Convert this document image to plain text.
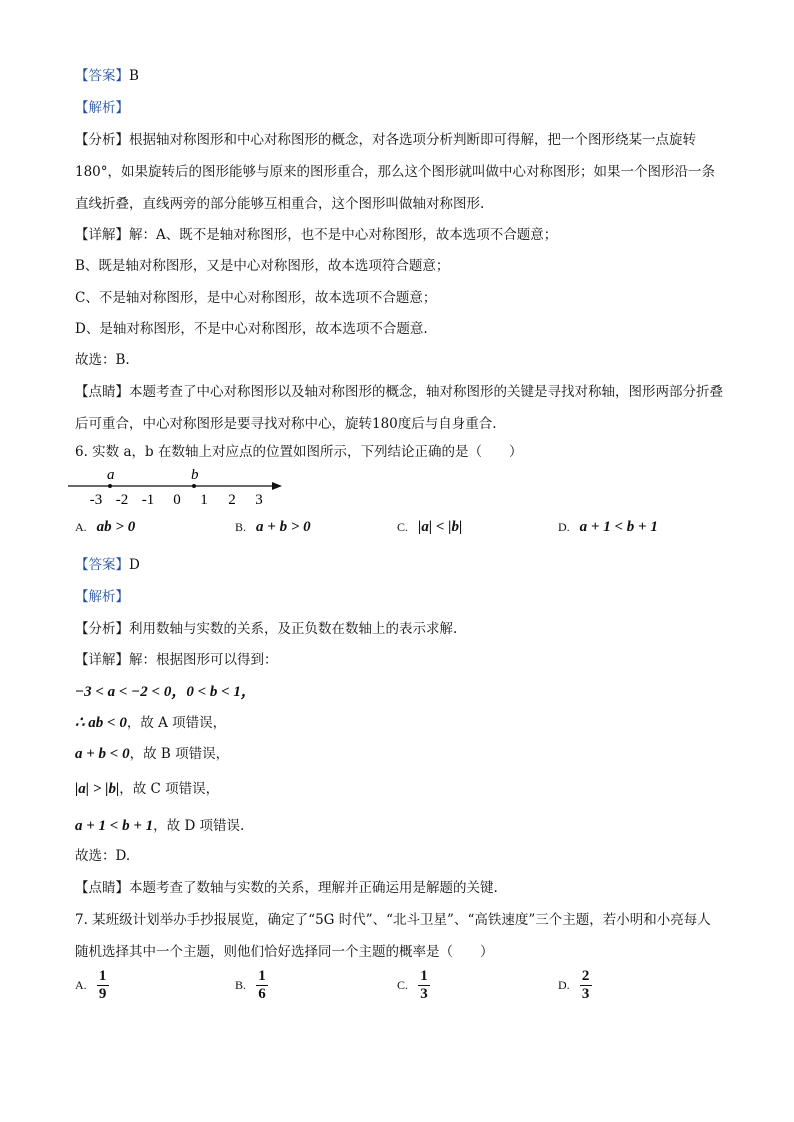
【答案】B
【解析】
【分析】根据轴对称图形和中心对称图形的概念，对各选项分析判断即可得解，把一个图形绕某一点旋转180°，如果旋转后的图形能够与原来的图形重合，那么这个图形就叫做中心对称图形；如果一个图形沿一条直线折叠，直线两旁的部分能够互相重合，这个图形叫做轴对称图形.
【详解】解：A、既不是轴对称图形，也不是中心对称图形，故本选项不合题意；
B、既是轴对称图形，又是中心对称图形，故本选项符合题意；
C、不是轴对称图形，是中心对称图形，故本选项不合题意；
D、是轴对称图形，不是中心对称图形，故本选项不合题意.
故选：B.
【点睛】本题考查了中心对称图形以及轴对称图形的概念，轴对称图形的关键是寻找对称轴，图形两部分折叠后可重合，中心对称图形是要寻找对称中心，旋转180度后与自身重合.
6. 实数 a，b 在数轴上对应点的位置如图所示，下列结论正确的是（　　）
a	b
-3 -2 -1 0 1 2 3
A. ab > 0	B. a + b > 0	C. |a| < |b|	D. a + 1 < b + 1
【答案】D
【解析】
【分析】利用数轴与实数的关系，及正负数在数轴上的表示求解.
【详解】解：根据图形可以得到：
−3 < a < −2 < 0，0 < b < 1，
∴ ab < 0，故 A 项错误，
a + b < 0，故 B 项错误，
|a| > |b|，故 C 项错误，
a + 1 < b + 1，故 D 项错误.
故选：D.
【点睛】本题考查了数轴与实数的关系，理解并正确运用是解题的关键.
7. 某班级计划举办手抄报展览，确定了“5G 时代”、“北斗卫星”、“高铁速度”三个主题，若小明和小亮每人随机选择其中一个主题，则他们恰好选择同一个主题的概率是（　　）
A. $\frac{1}{9}$	B. $\frac{1}{6}$	C. $\frac{1}{3}$	D. $\frac{2}{3}$
